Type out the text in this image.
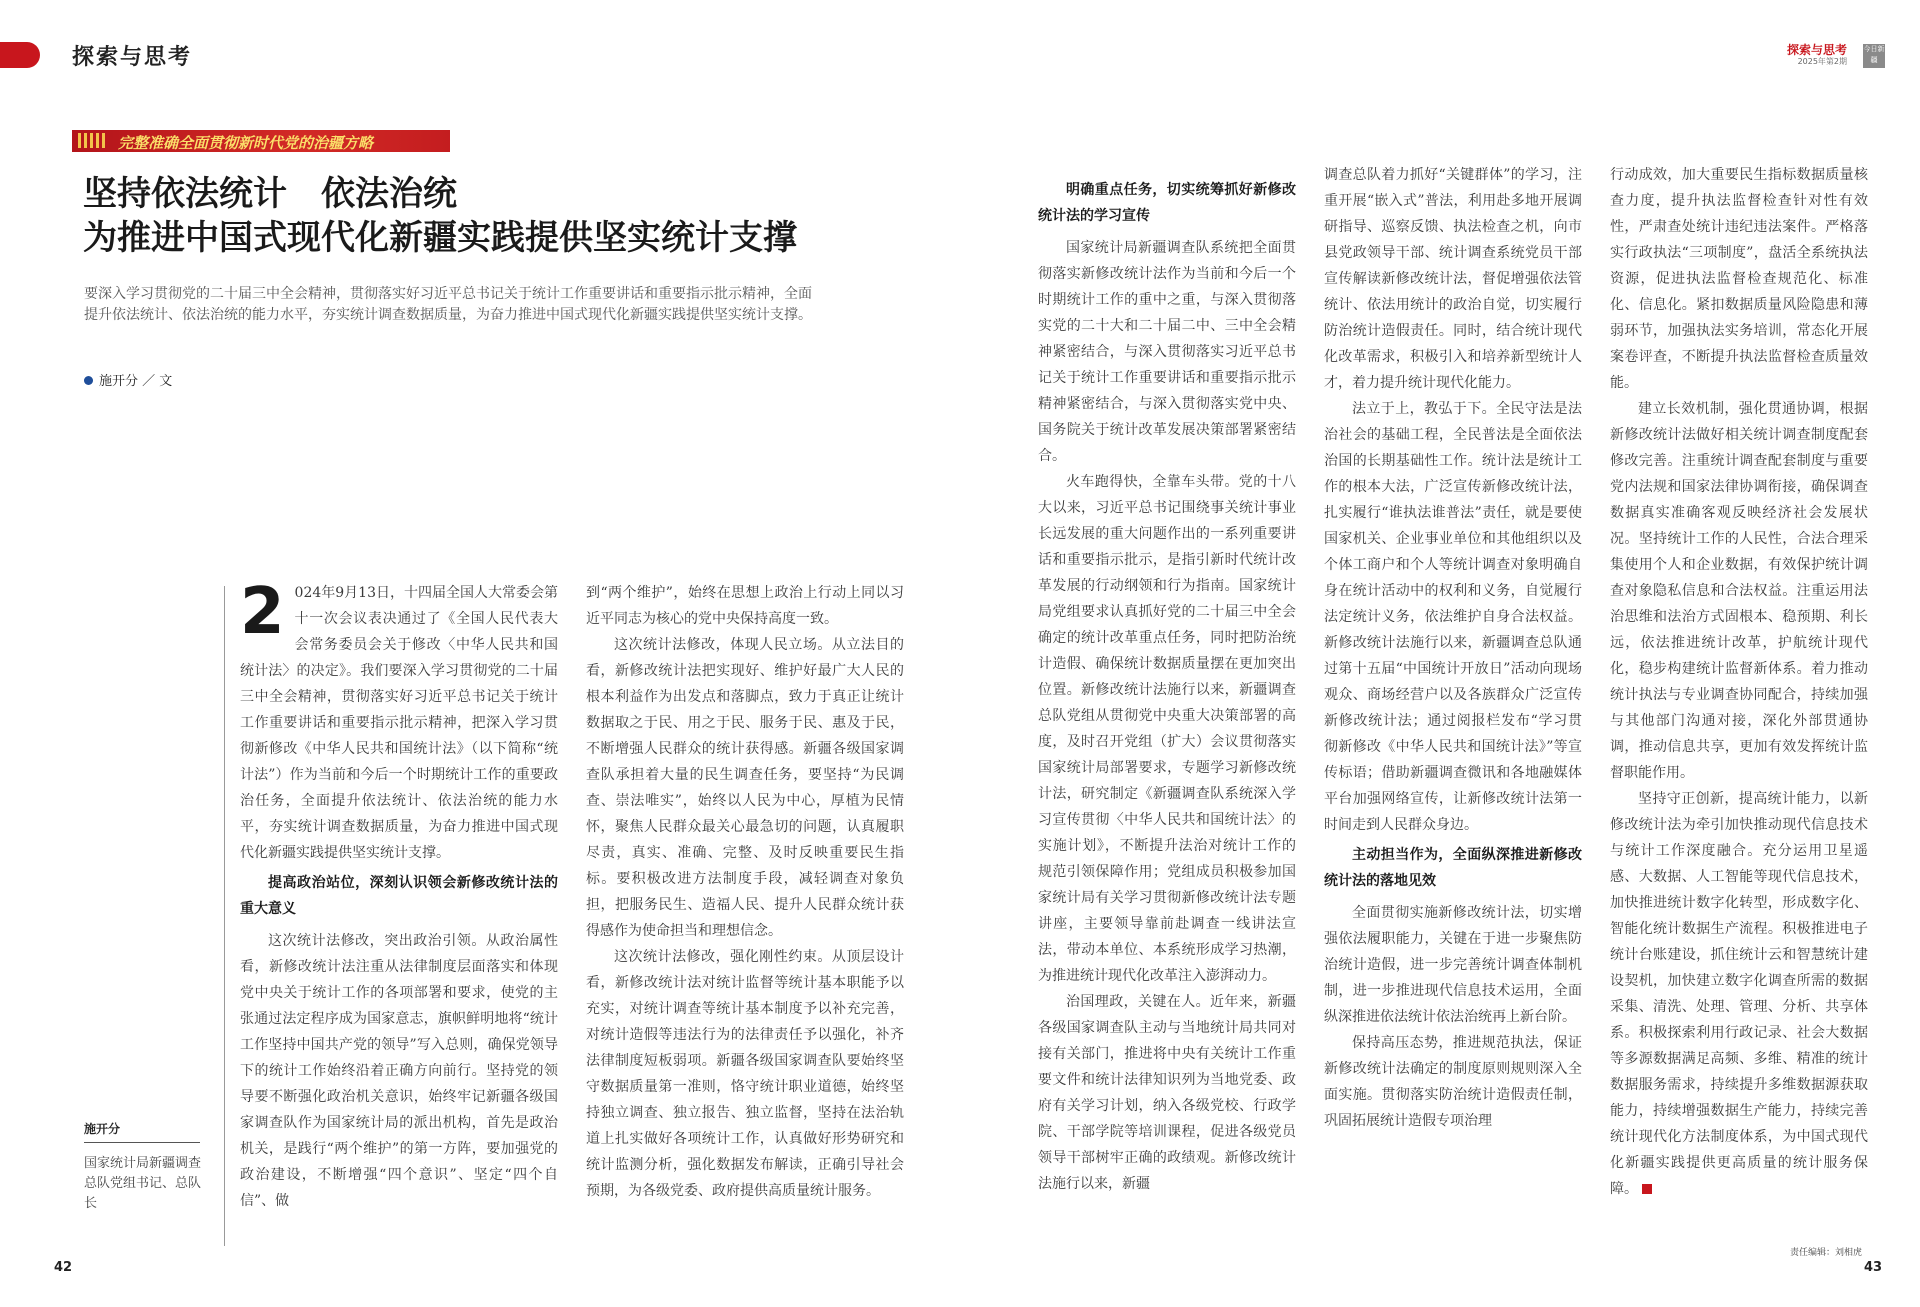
探索与思考	探索与思考
2025年第2期
今日新疆
完整准确全面贯彻新时代党的治疆方略
坚持依法统计　依法治统
为推进中国式现代化新疆实践提供坚实统计支撑
要深入学习贯彻党的二十届三中全会精神，贯彻落实好习近平总书记关于统计工作重要讲话和重要指示批示精神，全面提升依法统计、依法治统的能力水平，夯实统计调查数据质量，为奋力推进中国式现代化新疆实践提供坚实统计支撑。
施开分 ／ 文
施开分
国家统计局新疆调查总队党组书记、总队长
2 024年9月13日，十四届全国人大常委会第十一次会议表决通过了《全国人民代表大会常务委员会关于修改〈中华人民共和国统计法〉的决定》。我们要深入学习贯彻党的二十届三中全会精神，贯彻落实好习近平总书记关于统计工作重要讲话和重要指示批示精神，把深入学习贯彻新修改《中华人民共和国统计法》（以下简称“统计法”）作为当前和今后一个时期统计工作的重要政治任务，全面提升依法统计、依法治统的能力水平，夯实统计调查数据质量，为奋力推进中国式现代化新疆实践提供坚实统计支撑。

提高政治站位，深刻认识领会新修改统计法的重大意义

这次统计法修改，突出政治引领。从政治属性看，新修改统计法注重从法律制度层面落实和体现党中央关于统计工作的各项部署和要求，使党的主张通过法定程序成为国家意志，旗帜鲜明地将“统计工作坚持中国共产党的领导”写入总则，确保党领导下的统计工作始终沿着正确方向前行。坚持党的领导要不断强化政治机关意识，始终牢记新疆各级国家调查队作为国家统计局的派出机构，首先是政治机关，是践行“两个维护”的第一方阵，要加强党的政治建设，不断增强“四个意识”、坚定“四个自信”、做

到“两个维护”，始终在思想上政治上行动上同以习近平同志为核心的党中央保持高度一致。

这次统计法修改，体现人民立场。从立法目的看，新修改统计法把实现好、维护好最广大人民的根本利益作为出发点和落脚点，致力于真正让统计数据取之于民、用之于民、服务于民、惠及于民，不断增强人民群众的统计获得感。新疆各级国家调查队承担着大量的民生调查任务，要坚持“为民调查、崇法唯实”，始终以人民为中心，厚植为民情怀，聚焦人民群众最关心最急切的问题，认真履职尽责，真实、准确、完整、及时反映重要民生指标。要积极改进方法制度手段，减轻调查对象负担，把服务民生、造福人民、提升人民群众统计获得感作为使命担当和理想信念。

这次统计法修改，强化刚性约束。从顶层设计看，新修改统计法对统计监督等统计基本职能予以充实，对统计调查等统计基本制度予以补充完善，对统计造假等违法行为的法律责任予以强化，补齐法律制度短板弱项。新疆各级国家调查队要始终坚守数据质量第一准则，恪守统计职业道德，始终坚持独立调查、独立报告、独立监督，坚持在法治轨道上扎实做好各项统计工作，认真做好形势研究和统计监测分析，强化数据发布解读，正确引导社会预期，为各级党委、政府提供高质量统计服务。

明确重点任务，切实统筹抓好新修改统计法的学习宣传

国家统计局新疆调查队系统把全面贯彻落实新修改统计法作为当前和今后一个时期统计工作的重中之重，与深入贯彻落实党的二十大和二十届二中、三中全会精神紧密结合，与深入贯彻落实习近平总书记关于统计工作重要讲话和重要指示批示精神紧密结合，与深入贯彻落实党中央、国务院关于统计改革发展决策部署紧密结合。

火车跑得快，全靠车头带。党的十八大以来，习近平总书记围绕事关统计事业长远发展的重大问题作出的一系列重要讲话和重要指示批示，是指引新时代统计改革发展的行动纲领和行为指南。国家统计局党组要求认真抓好党的二十届三中全会确定的统计改革重点任务，同时把防治统计造假、确保统计数据质量摆在更加突出位置。新修改统计法施行以来，新疆调查总队党组从贯彻党中央重大决策部署的高度，及时召开党组（扩大）会议贯彻落实国家统计局部署要求，专题学习新修改统计法，研究制定《新疆调查队系统深入学习宣传贯彻〈中华人民共和国统计法〉的实施计划》，不断提升法治对统计工作的规范引领保障作用；党组成员积极参加国家统计局有关学习贯彻新修改统计法专题讲座，主要领导靠前赴调查一线讲法宣法，带动本单位、本系统形成学习热潮，为推进统计现代化改革注入澎湃动力。

治国理政，关键在人。近年来，新疆各级国家调查队主动与当地统计局共同对接有关部门，推进将中央有关统计工作重要文件和统计法律知识列为当地党委、政府有关学习计划，纳入各级党校、行政学院、干部学院等培训课程，促进各级党员领导干部树牢正确的政绩观。新修改统计法施行以来，新疆

调查总队着力抓好“关键群体”的学习，注重开展“嵌入式”普法，利用赴多地开展调研指导、巡察反馈、执法检查之机，向市县党政领导干部、统计调查系统党员干部宣传解读新修改统计法，督促增强依法管统计、依法用统计的政治自觉，切实履行防治统计造假责任。同时，结合统计现代化改革需求，积极引入和培养新型统计人才，着力提升统计现代化能力。

法立于上，教弘于下。全民守法是法治社会的基础工程，全民普法是全面依法治国的长期基础性工作。统计法是统计工作的根本大法，广泛宣传新修改统计法，扎实履行“谁执法谁普法”责任，就是要使国家机关、企业事业单位和其他组织以及个体工商户和个人等统计调查对象明确自身在统计活动中的权利和义务，自觉履行法定统计义务，依法维护自身合法权益。新修改统计法施行以来，新疆调查总队通过第十五届“中国统计开放日”活动向现场观众、商场经营户以及各族群众广泛宣传新修改统计法；通过阅报栏发布“学习贯彻新修改《中华人民共和国统计法》”等宣传标语；借助新疆调查微讯和各地融媒体平台加强网络宣传，让新修改统计法第一时间走到人民群众身边。

主动担当作为，全面纵深推进新修改统计法的落地见效

全面贯彻实施新修改统计法，切实增强依法履职能力，关键在于进一步聚焦防治统计造假，进一步完善统计调查体制机制，进一步推进现代信息技术运用，全面纵深推进依法统计依法治统再上新台阶。

保持高压态势，推进规范执法，保证新修改统计法确定的制度原则规则深入全面实施。贯彻落实防治统计造假责任制，巩固拓展统计造假专项治理

行动成效，加大重要民生指标数据质量核查力度，提升执法监督检查针对性有效性，严肃查处统计违纪违法案件。严格落实行政执法“三项制度”，盘活全系统执法资源，促进执法监督检查规范化、标准化、信息化。紧扣数据质量风险隐患和薄弱环节，加强执法实务培训，常态化开展案卷评查，不断提升执法监督检查质量效能。

建立长效机制，强化贯通协调，根据新修改统计法做好相关统计调查制度配套修改完善。注重统计调查配套制度与重要党内法规和国家法律协调衔接，确保调查数据真实准确客观反映经济社会发展状况。坚持统计工作的人民性，合法合理采集使用个人和企业数据，有效保护统计调查对象隐私信息和合法权益。注重运用法治思维和法治方式固根本、稳预期、利长远，依法推进统计改革，护航统计现代化，稳步构建统计监督新体系。着力推动统计执法与专业调查协同配合，持续加强与其他部门沟通对接，深化外部贯通协调，推动信息共享，更加有效发挥统计监督职能作用。

坚持守正创新，提高统计能力，以新修改统计法为牵引加快推动现代信息技术与统计工作深度融合。充分运用卫星遥感、大数据、人工智能等现代信息技术，加快推进统计数字化转型，形成数字化、智能化统计数据生产流程。积极推进电子统计台账建设，抓住统计云和智慧统计建设契机，加快建立数字化调查所需的数据采集、清洗、处理、管理、分析、共享体系。积极探索利用行政记录、社会大数据等多源数据满足高频、多维、精准的统计数据服务需求，持续提升多维数据源获取能力，持续增强数据生产能力，持续完善统计现代化方法制度体系，为中国式现代化新疆实践提供更高质量的统计服务保障。

责任编辑：刘相虎
42	43
